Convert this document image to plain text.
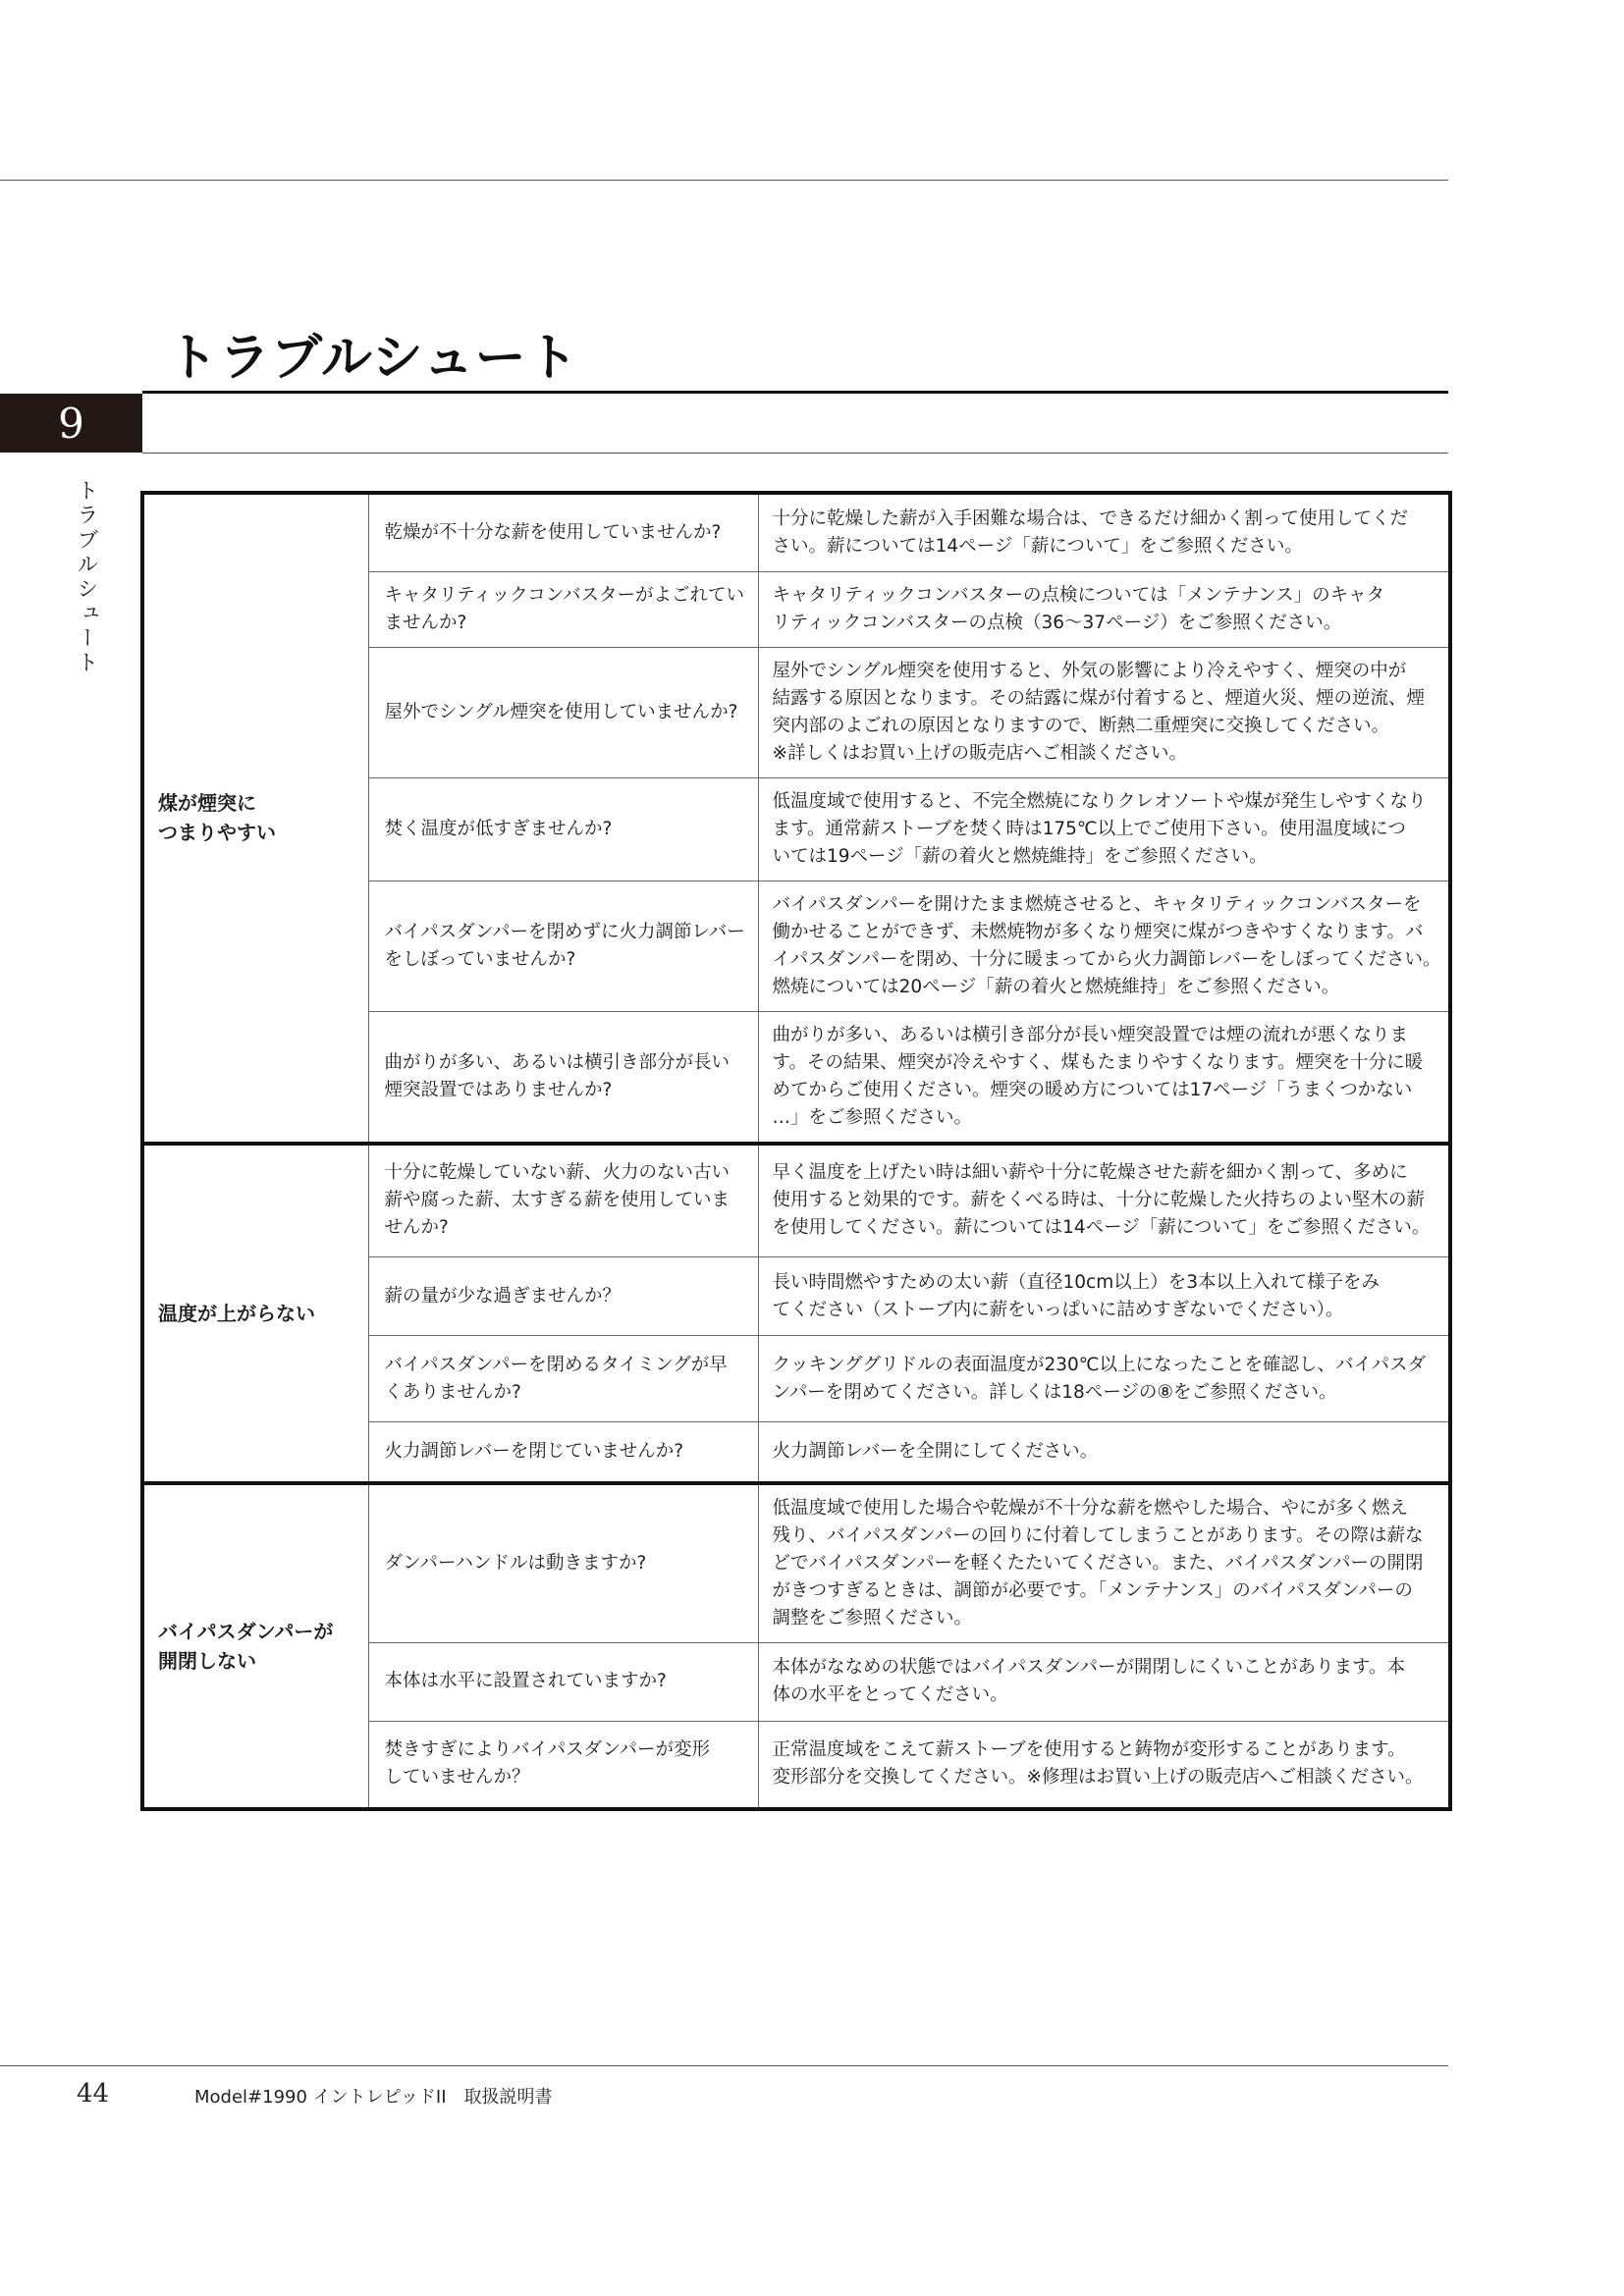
トラブルシュート
9
トラブルシュート
煤が煙突に
つまりやすい	乾燥が不十分な薪を使用していませんか?	十分に乾燥した薪が入手困難な場合は、できるだけ細かく割って使用してくだ
さい。薪については14ページ「薪について」をご参照ください。

	キャタリティックコンバスターがよごれてい
ませんか?	キャタリティックコンバスターの点検については「メンテナンス」のキャタ
リティックコンバスターの点検（36～37ページ）をご参照ください。

	屋外でシングル煙突を使用していませんか?	屋外でシングル煙突を使用すると、外気の影響により冷えやすく、煙突の中が
結露する原因となります。その結露に煤が付着すると、煙道火災、煙の逆流、煙
突内部のよごれの原因となりますので、断熱二重煙突に交換してください。
※詳しくはお買い上げの販売店へご相談ください。

	焚く温度が低すぎませんか?	低温度域で使用すると、不完全燃焼になりクレオソートや煤が発生しやすくなり
ます。通常薪ストーブを焚く時は175℃以上でご使用下さい。使用温度域につ
いては19ページ「薪の着火と燃焼維持」をご参照ください。

	バイパスダンパーを閉めずに火力調節レバー
をしぼっていませんか?	バイパスダンパーを開けたまま燃焼させると、キャタリティックコンバスターを
働かせることができず、未燃焼物が多くなり煙突に煤がつきやすくなります。バ
イパスダンパーを閉め、十分に暖まってから火力調節レバーをしぼってください。
燃焼については20ページ「薪の着火と燃焼維持」をご参照ください。

	曲がりが多い、あるいは横引き部分が長い
煙突設置ではありませんか?	曲がりが多い、あるいは横引き部分が長い煙突設置では煙の流れが悪くなりま
す。その結果、煙突が冷えやすく、煤もたまりやすくなります。煙突を十分に暖
めてからご使用ください。煙突の暖め方については17ページ「うまくつかない
…」をご参照ください。

温度が上がらない	十分に乾燥していない薪、火力のない古い
薪や腐った薪、太すぎる薪を使用していま
せんか?	早く温度を上げたい時は細い薪や十分に乾燥させた薪を細かく割って、多めに
使用すると効果的です。薪をくべる時は、十分に乾燥した火持ちのよい堅木の薪
を使用してください。薪については14ページ「薪について」をご参照ください。

	薪の量が少な過ぎませんか？	長い時間燃やすための太い薪（直径10cm以上）を3本以上入れて様子をみ
てください（ストーブ内に薪をいっぱいに詰めすぎないでください）。

	バイパスダンパーを閉めるタイミングが早
くありませんか?	クッキンググリドルの表面温度が230℃以上になったことを確認し、バイパスダ
ンパーを閉めてください。詳しくは18ページの⑧をご参照ください。

	火力調節レバーを閉じていませんか?	火力調節レバーを全開にしてください。

バイパスダンパーが
開閉しない	ダンパーハンドルは動きますか?	低温度域で使用した場合や乾燥が不十分な薪を燃やした場合、やにが多く燃え
残り、バイパスダンパーの回りに付着してしまうことがあります。その際は薪な
どでバイパスダンパーを軽くたたいてください。また、バイパスダンパーの開閉
がきつすぎるときは、調節が必要です。「メンテナンス」のバイパスダンパーの
調整をご参照ください。

	本体は水平に設置されていますか?	本体がななめの状態ではバイパスダンパーが開閉しにくいことがあります。本
体の水平をとってください。

	焚きすぎによりバイパスダンパーが変形
していませんか？	正常温度域をこえて薪ストーブを使用すると鋳物が変形することがあります。
変形部分を交換してください。※修理はお買い上げの販売店へご相談ください。
44	Model#1990 イントレピッドII　取扱説明書
